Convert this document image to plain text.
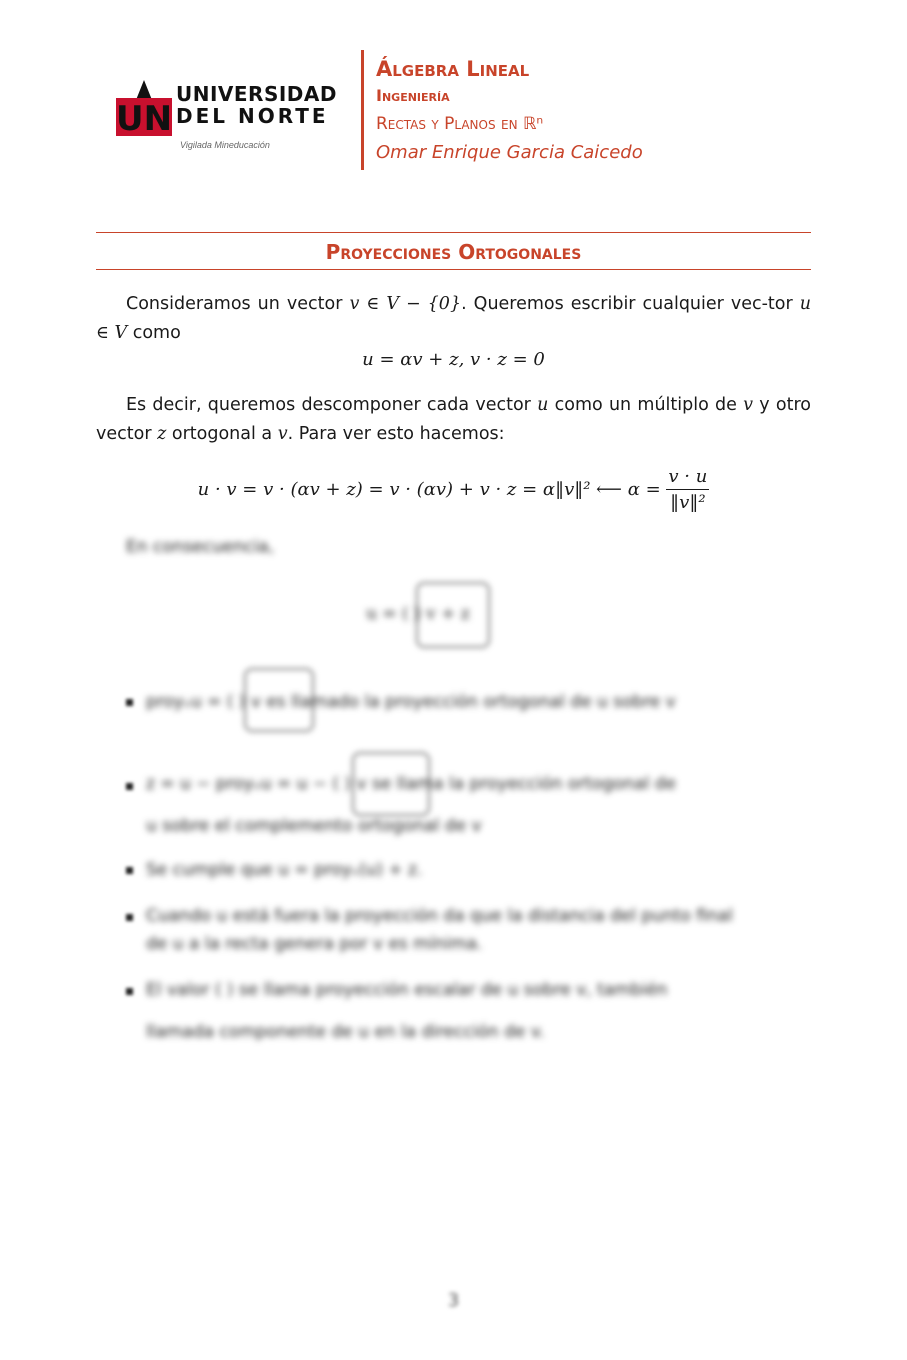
UN
UNIVERSIDAD
DEL NORTE
Vigilada Mineducación

Álgebra Lineal

Ingeniería

Rectas y Planos en ℝⁿ

Omar Enrique Garcia Caicedo

Proyecciones Ortogonales

Consideramos un vector v ∈ V − {0}. Queremos escribir cualquier vec-tor u ∈ V como

u = αv + z, v · z = 0

Es decir, queremos descomponer cada vector u como un múltiplo de v y otro vector z ortogonal a v. Para ver esto hacemos:

u · v = v · (αv + z) = v · (αv) + v · z = α‖v‖² ⟵ $\alpha = \frac{v \cdot u}{\text{‖v‖²}}$
En consecuencia,
u = ( ) v + z
proyᵥu = ( ) v es llamado la proyección ortogonal de u sobre v
z = u − proyᵥu = u − ( ) v se llama la proyección ortogonal de
u sobre el complemento ortogonal de v
Se cumple que u = proyᵥ(u) + z.
Cuando u está fuera la proyección da que la distancia del punto final
de u a la recta genera por v es mínima.
El valor ( ) se llama proyección escalar de u sobre v, también
llamada componente de u en la dirección de v.
3
